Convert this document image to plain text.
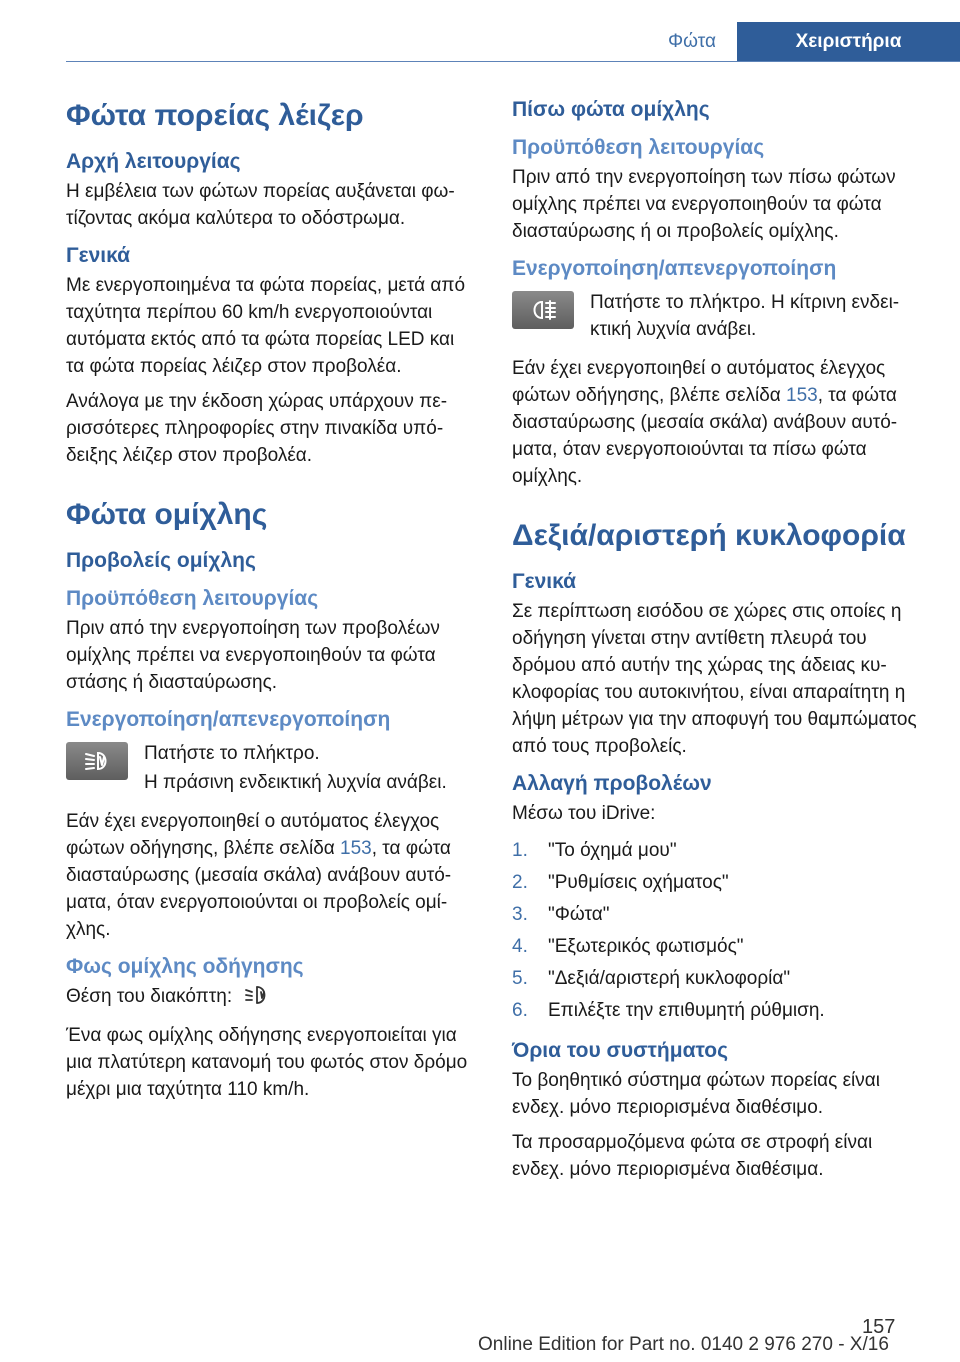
Φώτα	Χειριστήρια
Φώτα πορείας λέιζερ
Αρχή λειτουργίας

Η εμβέλεια των φώτων πορείας αυξάνεται φωτίζοντας ακόμα καλύτερα το οδόστρωμα.

Γενικά

Με ενεργοποιημένα τα φώτα πορείας, μετά από ταχύτητα περίπου 60 km/h ενεργοποιούνται αυτόματα εκτός από τα φώτα πορείας LED και τα φώτα πορείας λέιζερ στον προβολέα.

Ανάλογα με την έκδοση χώρας υπάρχουν περισσότερες πληροφορίες στην πινακίδα υπόδειξης λέιζερ στον προβολέα.

Φώτα ομίχλης
Προβολείς ομίχλης
Προϋπόθεση λειτουργίας

Πριν από την ενεργοποίηση των προβολέων ομίχλης πρέπει να ενεργοποιηθούν τα φώτα στάσης ή διασταύρωσης.

Ενεργοποίηση/απενεργοποίηση

Πατήστε το πλήκτρο.

Η πράσινη ενδεικτική λυχνία ανάβει.

Εάν έχει ενεργοποιηθεί ο αυτόματος έλεγχος φώτων οδήγησης, βλέπε σελίδα 153, τα φώτα διασταύρωσης (μεσαία σκάλα) ανάβουν αυτόματα, όταν ενεργοποιούνται οι προβολείς ομίχλης.

Φως ομίχλης οδήγησης

Θέση του διακόπτη:

Ένα φως ομίχλης οδήγησης ενεργοποιείται για μια πλατύτερη κατανομή του φωτός στον δρόμο μέχρι μια ταχύτητα 110 km/h.

Πίσω φώτα ομίχλης
Προϋπόθεση λειτουργίας

Πριν από την ενεργοποίηση των πίσω φώτων ομίχλης πρέπει να ενεργοποιηθούν τα φώτα διασταύρωσης ή οι προβολείς ομίχλης.

Ενεργοποίηση/απενεργοποίηση

Πατήστε το πλήκτρο. Η κίτρινη ενδεικτική λυχνία ανάβει.

Εάν έχει ενεργοποιηθεί ο αυτόματος έλεγχος φώτων οδήγησης, βλέπε σελίδα 153, τα φώτα διασταύρωσης (μεσαία σκάλα) ανάβουν αυτόματα, όταν ενεργοποιούνται τα πίσω φώτα ομίχλης.

Δεξιά/αριστερή κυκλοφορία
Γενικά

Σε περίπτωση εισόδου σε χώρες στις οποίες η οδήγηση γίνεται στην αντίθετη πλευρά του δρόμου από αυτήν της χώρας της άδειας κυκλοφορίας του αυτοκινήτου, είναι απαραίτητη η λήψη μέτρων για την αποφυγή του θαμπώματος από τους προβολείς.

Αλλαγή προβολέων

Μέσω του iDrive:

1.	"Το όχημά μου"
2.	"Ρυθμίσεις οχήματος"
3.	"Φώτα"
4.	"Εξωτερικός φωτισμός"
5.	"Δεξιά/αριστερή κυκλοφορία"
6.	Επιλέξτε την επιθυμητή ρύθμιση.
Όρια του συστήματος

Το βοηθητικό σύστημα φώτων πορείας είναι ενδεχ. μόνο περιορισμένα διαθέσιμο.

Τα προσαρμοζόμενα φώτα σε στροφή είναι ενδεχ. μόνο περιορισμένα διαθέσιμα.

157
Online Edition for Part no. 0140 2 976 270 - X/16
